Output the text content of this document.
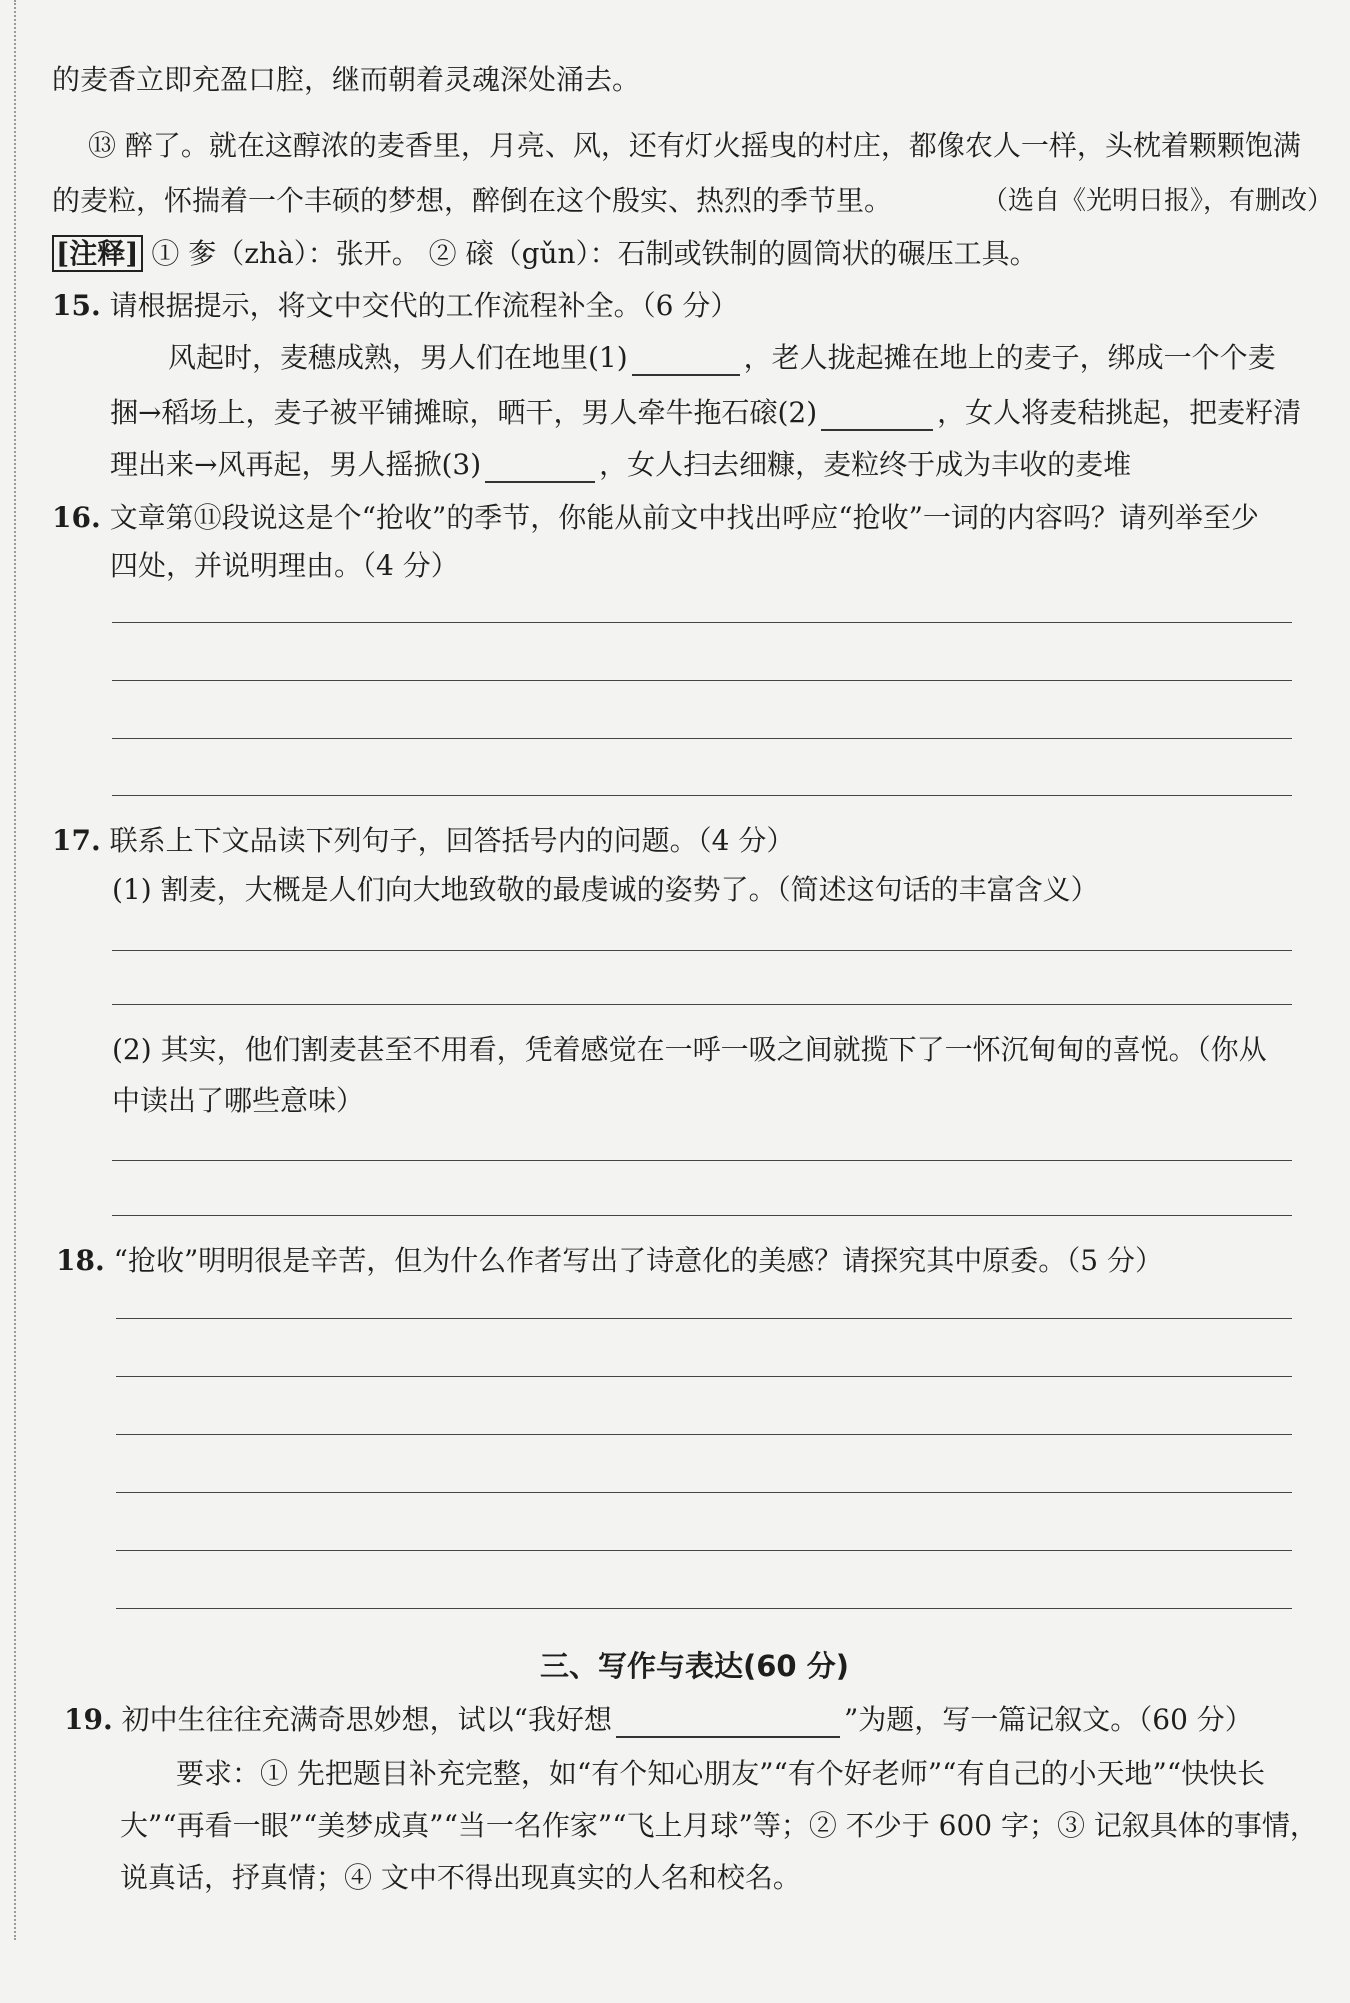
的麦香立即充盈口腔，继而朝着灵魂深处涌去。
⑬ 醉了。就在这醇浓的麦香里，月亮、风，还有灯火摇曳的村庄，都像农人一样，头枕着颗颗饱满
的麦粒，怀揣着一个丰硕的梦想，醉倒在这个殷实、热烈的季节里。	（选自《光明日报》，有删改）
[注释] ① 奓（zhà）：张开。 ② 磙（gǔn）：石制或铁制的圆筒状的碾压工具。
15. 请根据提示，将文中交代的工作流程补全。（6 分）
风起时，麦穗成熟，男人们在地里(1)	，老人拢起摊在地上的麦子，绑成一个个麦
捆→稻场上，麦子被平铺摊晾，晒干，男人牵牛拖石磙(2)	，女人将麦秸挑起，把麦籽清
理出来→风再起，男人摇掀(3)	，女人扫去细糠，麦粒终于成为丰收的麦堆
16. 文章第⑪段说这是个“抢收”的季节，你能从前文中找出呼应“抢收”一词的内容吗？请列举至少
四处，并说明理由。（4 分）
17. 联系上下文品读下列句子，回答括号内的问题。（4 分）
(1) 割麦，大概是人们向大地致敬的最虔诚的姿势了。（简述这句话的丰富含义）
(2) 其实，他们割麦甚至不用看，凭着感觉在一呼一吸之间就揽下了一怀沉甸甸的喜悦。（你从
中读出了哪些意味）
18. “抢收”明明很是辛苦，但为什么作者写出了诗意化的美感？请探究其中原委。（5 分）
三、写作与表达(60 分)
19. 初中生往往充满奇思妙想，试以“我好想	”为题，写一篇记叙文。（60 分）
要求：① 先把题目补充完整，如“有个知心朋友”“有个好老师”“有自己的小天地”“快快长
大”“再看一眼”“美梦成真”“当一名作家”“飞上月球”等；② 不少于 600 字；③ 记叙具体的事情，
说真话，抒真情；④ 文中不得出现真实的人名和校名。
